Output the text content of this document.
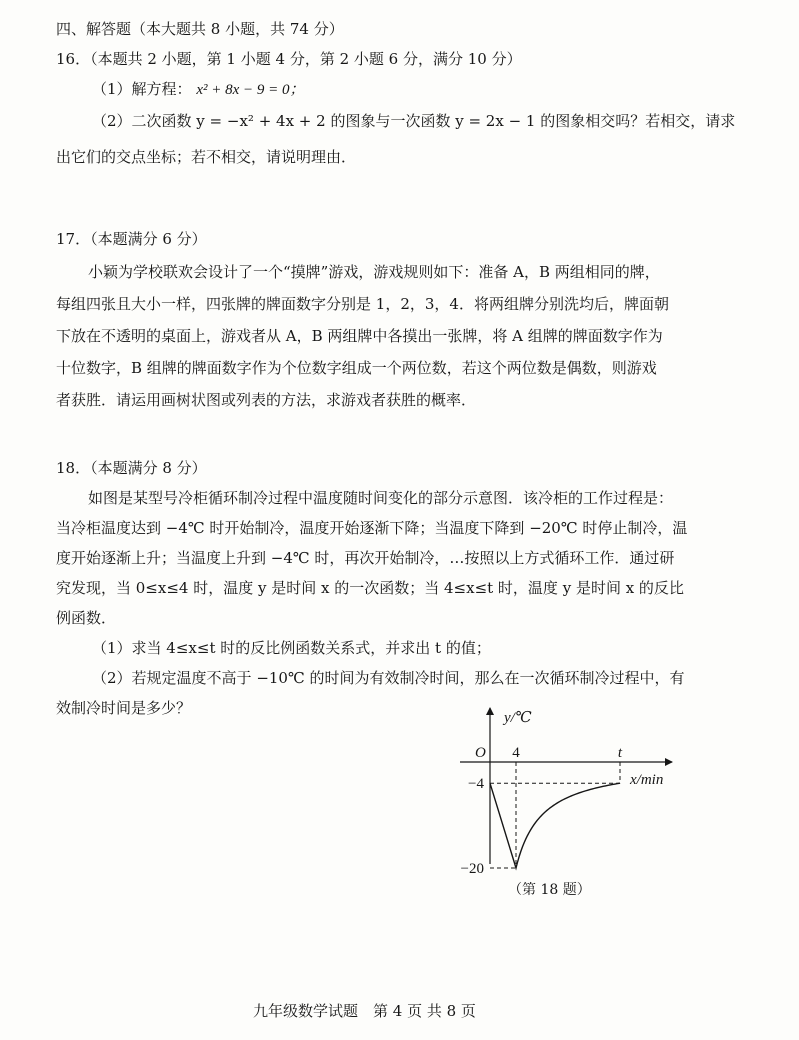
四、解答题（本大题共 8 小题，共 74 分）
16．（本题共 2 小题，第 1 小题 4 分，第 2 小题 6 分，满分 10 分）
（1）解方程： x² + 8x − 9 = 0；
（2）二次函数 y = −x² + 4x + 2 的图象与一次函数 y = 2x − 1 的图象相交吗？若相交，请求
出它们的交点坐标；若不相交，请说明理由．
17．（本题满分 6 分）
小颖为学校联欢会设计了一个“摸牌”游戏，游戏规则如下：准备 A，B 两组相同的牌，
每组四张且大小一样，四张牌的牌面数字分别是 1，2，3，4．将两组牌分别洗均后，牌面朝
下放在不透明的桌面上，游戏者从 A，B 两组牌中各摸出一张牌，将 A 组牌的牌面数字作为
十位数字，B 组牌的牌面数字作为个位数字组成一个两位数，若这个两位数是偶数，则游戏
者获胜．请运用画树状图或列表的方法，求游戏者获胜的概率．
18．（本题满分 8 分）
如图是某型号冷柜循环制冷过程中温度随时间变化的部分示意图．该冷柜的工作过程是：
当冷柜温度达到 −4℃ 时开始制冷，温度开始逐渐下降；当温度下降到 −20℃ 时停止制冷，温
度开始逐渐上升；当温度上升到 −4℃ 时，再次开始制冷，…按照以上方式循环工作．通过研
究发现，当 0≤x≤4 时，温度 y 是时间 x 的一次函数；当 4≤x≤t 时，温度 y 是时间 x 的反比
例函数．
（1）求当 4≤x≤t 时的反比例函数关系式，并求出 t 的值；
（2）若规定温度不高于 −10℃ 的时间为有效制冷时间，那么在一次循环制冷过程中，有
效制冷时间是多少？
y/℃
x/min
O 4	t
−4
−20
（第 18 题）
九年级数学试题　第 4 页 共 8 页
